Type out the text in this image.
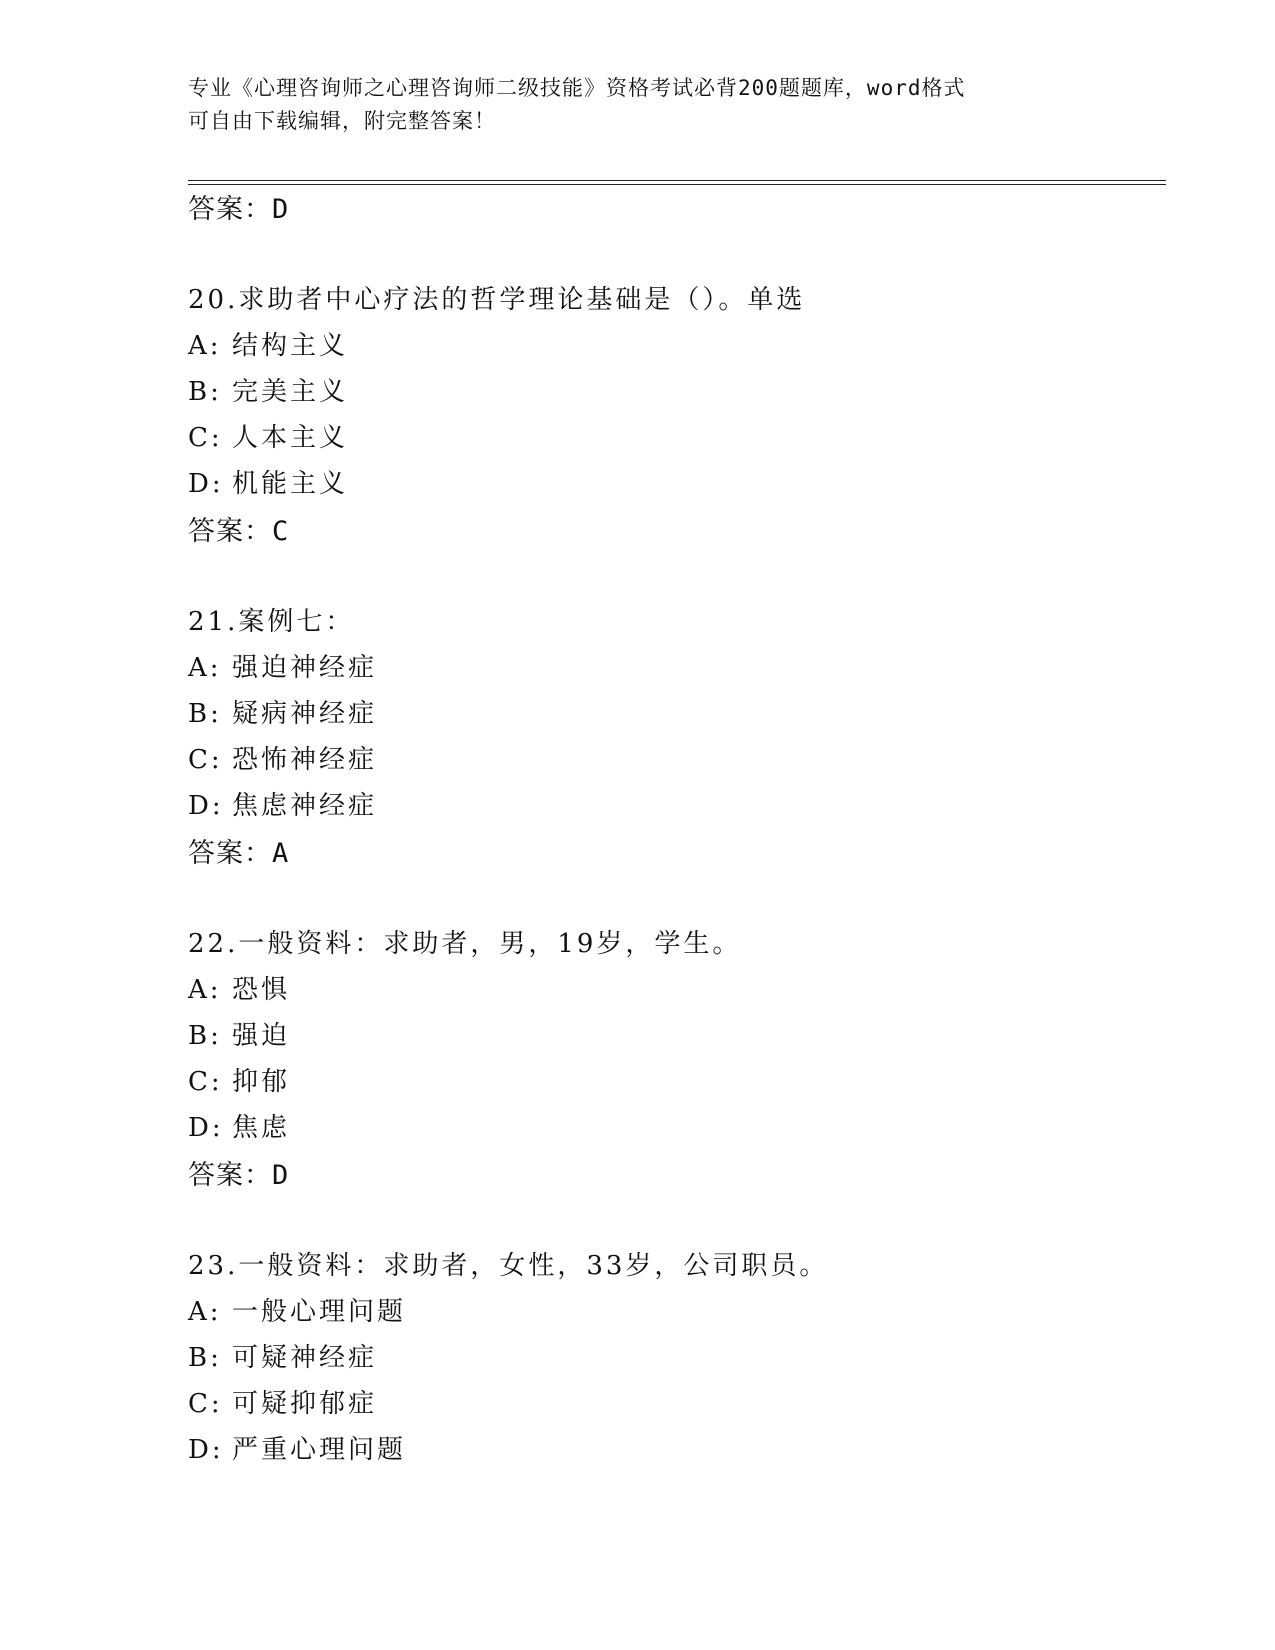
专业《心理咨询师之心理咨询师二级技能》资格考试必背200题题库，word格式
可自由下载编辑，附完整答案！
答案：D
20.求助者中心疗法的哲学理论基础是（）。单选
A: 结构主义
B: 完美主义
C: 人本主义
D: 机能主义
答案：C
21.案例七：
A: 强迫神经症
B: 疑病神经症
C: 恐怖神经症
D: 焦虑神经症
答案：A
22.一般资料：求助者，男，19岁，学生。
A: 恐惧
B: 强迫
C: 抑郁
D: 焦虑
答案：D
23.一般资料：求助者，女性，33岁，公司职员。
A: 一般心理问题
B: 可疑神经症
C: 可疑抑郁症
D: 严重心理问题
